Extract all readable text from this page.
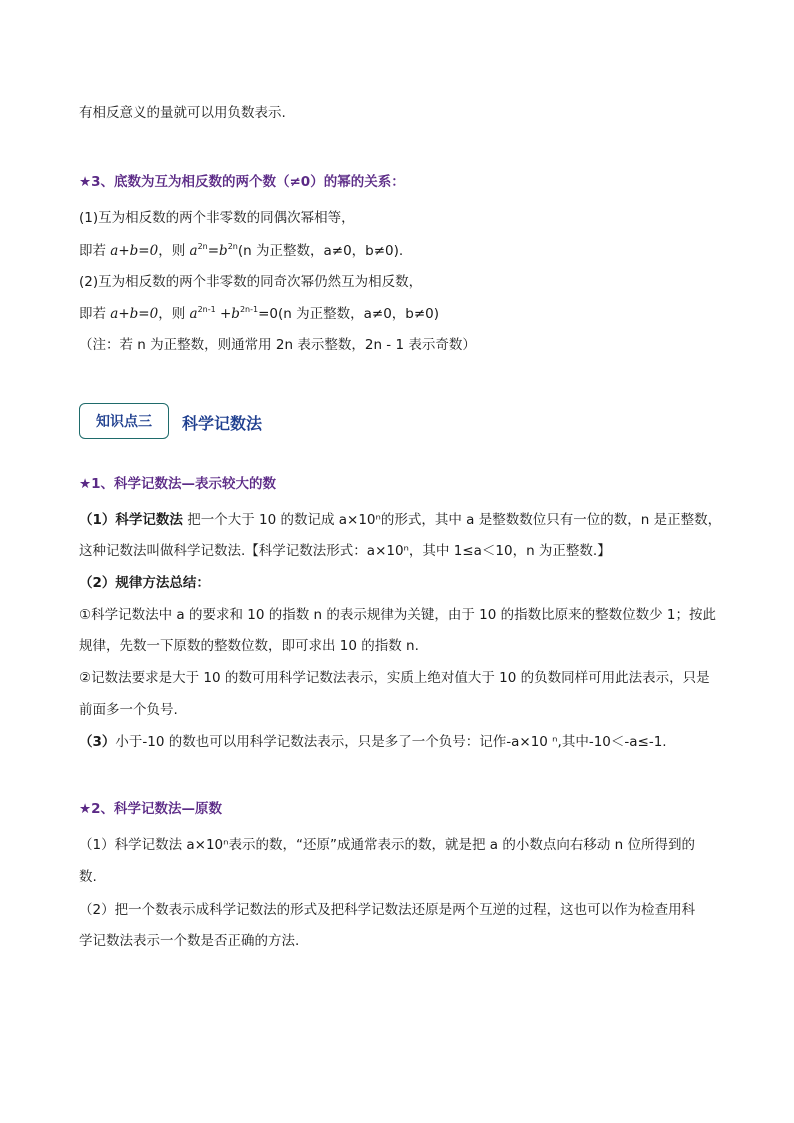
有相反意义的量就可以用负数表示.
★3、底数为互为相反数的两个数（≠0）的幂的关系：
(1)互为相反数的两个非零数的同偶次幂相等，
即若 a+b=0，则 $a^{2n}=b^{2n}(n$ 为正整数，a≠0，b≠0).
(2)互为相反数的两个非零数的同奇次幂仍然互为相反数，
即若 a+b=0，则 $a^{2n-1} +b^{2n-1}=0(n$ 为正整数，a≠0，b≠0)
（注：若 n 为正整数，则通常用 2n 表示整数，2n - 1 表示奇数）
知识点三	科学记数法
★1、科学记数法—表示较大的数
（1）科学记数法 把一个大于 10 的数记成 a×10ⁿ的形式，其中 a 是整数数位只有一位的数，n 是正整数，
这种记数法叫做科学记数法.【科学记数法形式：a×10ⁿ，其中 1≤a＜10，n 为正整数.】
（2）规律方法总结：
①科学记数法中 a 的要求和 10 的指数 n 的表示规律为关键，由于 10 的指数比原来的整数位数少 1；按此
规律，先数一下原数的整数位数，即可求出 10 的指数 n.
②记数法要求是大于 10 的数可用科学记数法表示，实质上绝对值大于 10 的负数同样可用此法表示，只是
前面多一个负号.
（3）小于-10 的数也可以用科学记数法表示，只是多了一个负号：记作-a×10 ⁿ,其中-10＜-a≤-1.
★2、科学记数法—原数
（1）科学记数法 a×10ⁿ表示的数，“还原”成通常表示的数，就是把 a 的小数点向右移动 n 位所得到的
数.
（2）把一个数表示成科学记数法的形式及把科学记数法还原是两个互逆的过程，这也可以作为检查用科
学记数法表示一个数是否正确的方法.
